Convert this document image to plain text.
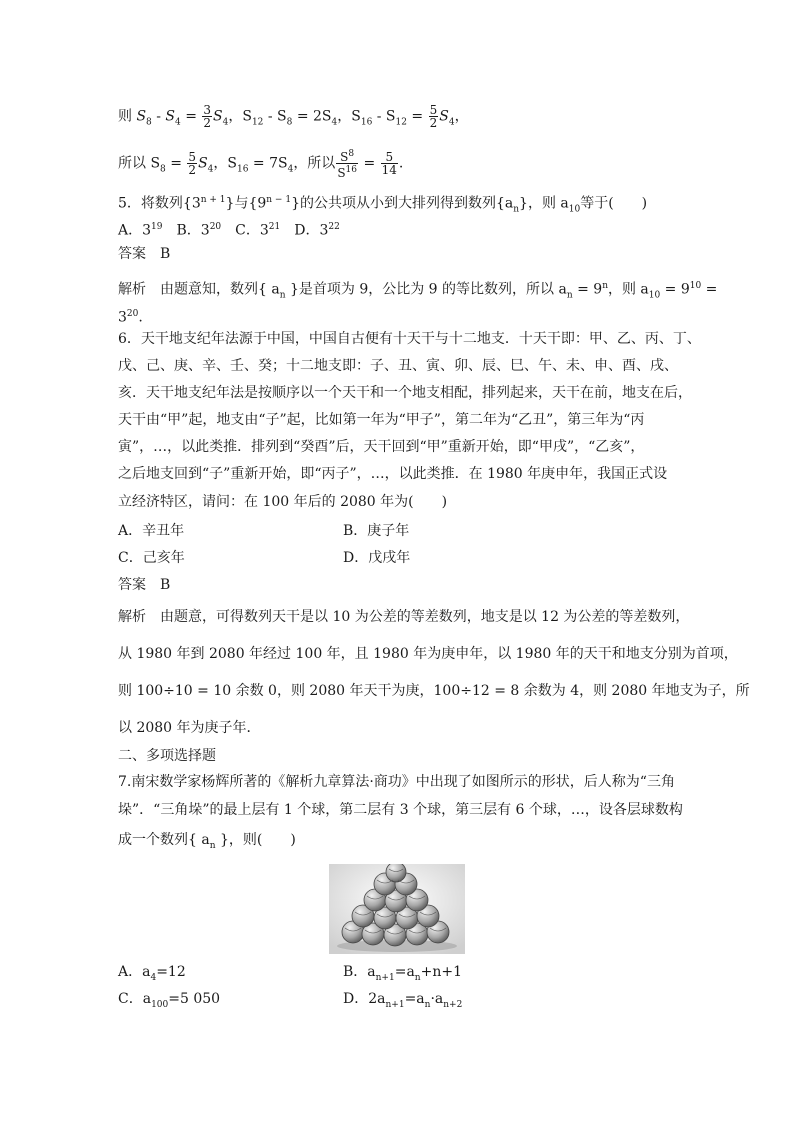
则 $S_8 - S_4 = \frac{3}{2} S_4$，$S_{12} - S_8 = 2S_4$，$S_{16} - S_{12} = \frac{5}{2} S_4$，
所以 $S_8 = \frac{5}{2} S_4$，$S_{16} = 7S_4$，所以 $\frac{S^8}{S^{16}} = \frac{5}{14}$ .
5．将数列$\{3^{n + 1}\}$与$\{9^{n - 1}\}$的公共项从小到大排列得到数列$\{a_n\}$，则 $a_{10}$等于(　　)
A．$3^{19}$　B．$3^{20}$　C．$3^{21}$　D．$3^{22}$
答案　B
解析　由题意知，数列{ $a_n$ }是首项为 9，公比为 9 的等比数列，所以 $a_n = 9^n$，则 $a_{10} = 9^{10}$ =
$3^{20}$.
6．天干地支纪年法源于中国，中国自古便有十天干与十二地支．十天干即：甲、乙、丙、丁、
戊、己、庚、辛、壬、癸；十二地支即：子、丑、寅、卯、辰、巳、午、未、申、酉、戌、
亥．天干地支纪年法是按顺序以一个天干和一个地支相配，排列起来，天干在前，地支在后，
天干由“甲”起，地支由“子”起，比如第一年为“甲子”，第二年为“乙丑”，第三年为“丙
寅”，…，以此类推．排列到“癸酉”后，天干回到“甲”重新开始，即“甲戌”，“乙亥”，
之后地支回到“子”重新开始，即“丙子”，…，以此类推．在 1980 年庚申年，我国正式设
立经济特区，请问：在 100 年后的 2080 年为(　　)
A．辛丑年	B．庚子年
C．己亥年	D．戊戌年
答案　B
解析　由题意，可得数列天干是以 10 为公差的等差数列，地支是以 12 为公差的等差数列，
从 1980 年到 2080 年经过 100 年，且 1980 年为庚申年，以 1980 年的天干和地支分别为首项，
则 100÷10 = 10 余数 0，则 2080 年天干为庚，100÷12 = 8 余数为 4，则 2080 年地支为子，所
以 2080 年为庚子年．
二、多项选择题
7.南宋数学家杨辉所著的《解析九章算法·商功》中出现了如图所示的形状，后人称为“三角
垛”．“三角垛”的最上层有 1 个球，第二层有 3 个球，第三层有 6 个球，…，设各层球数构
成一个数列{ $a_n$ }，则(　　)
A．$a_4=12$	B．$a_{n+1}=a_n+n+1$
C．$a_{100}=5$ 050	D．$2a_{n+1}=a_n\cdot a_{n+2}$
